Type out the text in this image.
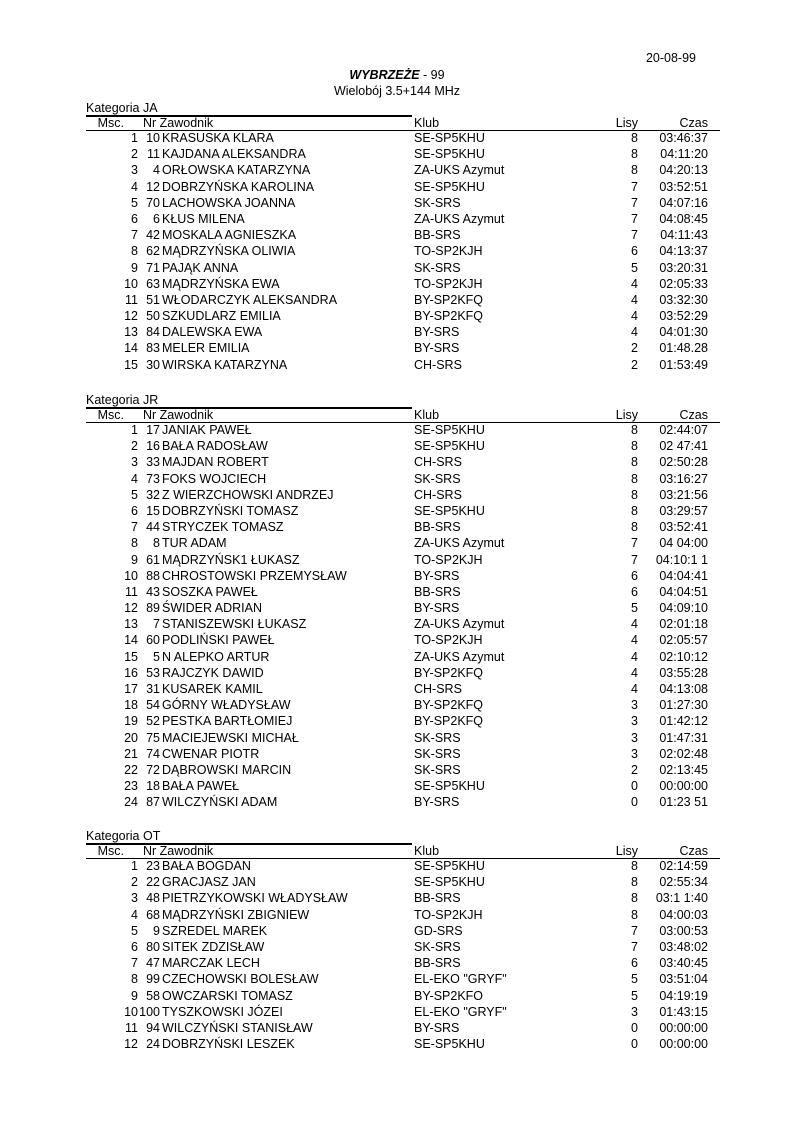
20-08-99
WYBRZEŻE - 99
Wielobój 3.5+144 MHz
Kategoria JA
Msc. Nr Zawodnik	Klub	Lisy	Czas
1 10 KRASUSKA KLARA	SE-SP5KHU	8	03:46:37
2 11 KAJDANA ALEKSANDRA	SE-SP5KHU	8	04:11:20
3	4 ORŁOWSKA KATARZYNA	ZA-UKS Azymut	8	04:20:13
4 12 DOBRZYŃSKA KAROLINA	SE-SP5KHU	7	03:52:51
5 70 LACHOWSKA JOANNA	SK-SRS	7	04:07:16
6	6 KŁUS MILENA	ZA-UKS Azymut	7	04:08:45
7 42 MOSKALA AGNIESZKA	BB-SRS	7	04:11:43
8 62 MĄDRZYŃSKA OLIWIA	TO-SP2KJH	6	04:13:37
9 71 PAJĄK ANNA	SK-SRS	5	03:20:31
10 63 MĄDRZYŃSKA EWA	TO-SP2KJH	4	02:05:33
11 51 WŁODARCZYK ALEKSANDRA	BY-SP2KFQ	4	03:32:30
12 50 SZKUDLARZ EMILIA	BY-SP2KFQ	4	03:52:29
13 84 DALEWSKA EWA	BY-SRS	4	04:01:30
14 83 MELER EMILIA	BY-SRS	2	01:48.28
15 30 WIRSKA KATARZYNA	CH-SRS	2	01:53:49
Kategoria JR
Msc. Nr Zawodnik	Klub	Lisy	Czas
1 17 JANIAK PAWEŁ	SE-SP5KHU	8	02:44:07
2 16 BAŁA RADOSŁAW	SE-SP5KHU	8	02 47:41
3 33 MAJDAN ROBERT	CH-SRS	8	02:50:28
4 73 FOKS WOJCIECH	SK-SRS	8	03:16:27
5 32 Z WIERZCHOWSKI ANDRZEJ	CH-SRS	8	03:21:56
6 15 DOBRZYŃSKI TOMASZ	SE-SP5KHU	8	03:29:57
7 44 STRYCZEK TOMASZ	BB-SRS	8	03:52:41
8	8 TUR ADAM	ZA-UKS Azymut	7	04 04:00
9 61 MĄDRZYŃSK1 ŁUKASZ	TO-SP2KJH	7	04:10:1 1
10 88 CHROSTOWSKI PRZEMYSŁAW	BY-SRS	6	04:04:41
11 43 SOSZKA PAWEŁ	BB-SRS	6	04:04:51
12 89 ŚWIDER ADRIAN	BY-SRS	5	04:09:10
13	7 STANISZEWSKI ŁUKASZ	ZA-UKS Azymut	4	02:01:18
14 60 PODLIŃSKI PAWEŁ	TO-SP2KJH	4	02:05:57
15	5 N ALEPKO ARTUR	ZA-UKS Azymut	4	02:10:12
16 53 RAJCZYK DAWID	BY-SP2KFQ	4	03:55:28
17 31 KUSAREK KAMIL	CH-SRS	4	04:13:08
18 54 GÓRNY WŁADYSŁAW	BY-SP2KFQ	3	01:27:30
19 52 PESTKA BARTŁOMIEJ	BY-SP2KFQ	3	01:42:12
20 75 MACIEJEWSKI MICHAŁ	SK-SRS	3	01:47:31
21 74 CWENAR PIOTR	SK-SRS	3	02:02:48
22 72 DĄBROWSKI MARCIN	SK-SRS	2	02:13:45
23 18 BAŁA PAWEŁ	SE-SP5KHU	0	00:00:00
24 87 WILCZYŃSKI ADAM	BY-SRS	0	01:23 51
Kategoria OT
Msc. Nr Zawodnik	Klub	Lisy	Czas
1 23 BAŁA BOGDAN	SE-SP5KHU	8	02:14:59
2 22 GRACJASZ JAN	SE-SP5KHU	8	02:55:34
3 48 PIETRZYKOWSKI WŁADYSŁAW	BB-SRS	8	03:1 1:40
4 68 MĄDRZYŃSKI ZBIGNIEW	TO-SP2KJH	8	04:00:03
5	9 SZREDEL MAREK	GD-SRS	7	03:00:53
6 80 SITEK ZDZISŁAW	SK-SRS	7	03:48:02
7 47 MARCZAK LECH	BB-SRS	6	03:40:45
8 99 CZECHOWSKI BOLESŁAW	EL-EKO "GRYF"	5	03:51:04
9 58 OWCZARSKI TOMASZ	BY-SP2KFO	5	04:19:19
10 100 TYSZKOWSKI JÓZEI	EL-EKO "GRYF"	3	01:43:15
11 94 WILCZYŃSKI STANISŁAW	BY-SRS	0	00:00:00
12 24 DOBRZYŃSKI LESZEK	SE-SP5KHU	0	00:00:00
